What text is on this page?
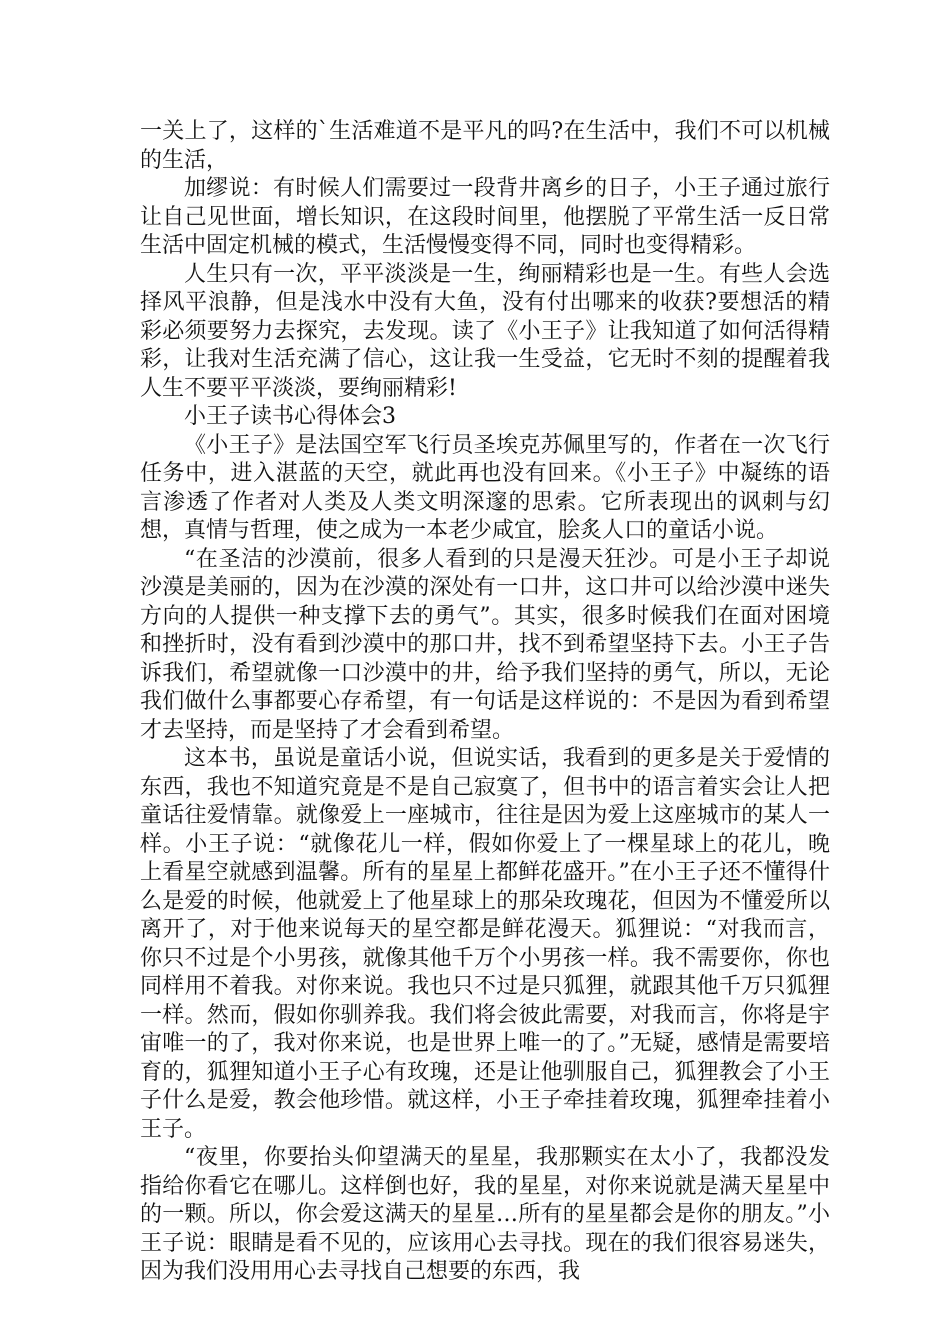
一关上了，这样的`生活难道不是平凡的吗?在生活中，我们不可以机械的生活，

加缪说：有时候人们需要过一段背井离乡的日子，小王子通过旅行让自己见世面，增长知识，在这段时间里，他摆脱了平常生活一反日常生活中固定机械的模式，生活慢慢变得不同，同时也变得精彩。

人生只有一次，平平淡淡是一生，绚丽精彩也是一生。有些人会选择风平浪静，但是浅水中没有大鱼，没有付出哪来的收获?要想活的精彩必须要努力去探究，去发现。读了《小王子》让我知道了如何活得精彩，让我对生活充满了信心，这让我一生受益，它无时不刻的提醒着我人生不要平平淡淡，要绚丽精彩!

小王子读书心得体会3

《小王子》是法国空军飞行员圣埃克苏佩里写的，作者在一次飞行任务中，进入湛蓝的天空，就此再也没有回来。《小王子》中凝练的语言渗透了作者对人类及人类文明深邃的思索。它所表现出的讽刺与幻想，真情与哲理，使之成为一本老少咸宜，脍炙人口的童话小说。

“在圣洁的沙漠前，很多人看到的只是漫天狂沙。可是小王子却说沙漠是美丽的，因为在沙漠的深处有一口井，这口井可以给沙漠中迷失方向的人提供一种支撑下去的勇气”。其实，很多时候我们在面对困境和挫折时，没有看到沙漠中的那口井，找不到希望坚持下去。小王子告诉我们，希望就像一口沙漠中的井，给予我们坚持的勇气，所以，无论我们做什么事都要心存希望，有一句话是这样说的：不是因为看到希望才去坚持，而是坚持了才会看到希望。

这本书，虽说是童话小说，但说实话，我看到的更多是关于爱情的东西，我也不知道究竟是不是自己寂寞了，但书中的语言着实会让人把童话往爱情靠。就像爱上一座城市，往往是因为爱上这座城市的某人一样。小王子说：“就像花儿一样，假如你爱上了一棵星球上的花儿，晚上看星空就感到温馨。所有的星星上都鲜花盛开。”在小王子还不懂得什么是爱的时候，他就爱上了他星球上的那朵玫瑰花，但因为不懂爱所以离开了，对于他来说每天的星空都是鲜花漫天。狐狸说：“对我而言，你只不过是个小男孩，就像其他千万个小男孩一样。我不需要你，你也同样用不着我。对你来说。我也只不过是只狐狸，就跟其他千万只狐狸一样。然而，假如你驯养我。我们将会彼此需要，对我而言，你将是宇宙唯一的了，我对你来说，也是世界上唯一的了。”无疑，感情是需要培育的，狐狸知道小王子心有玫瑰，还是让他驯服自己，狐狸教会了小王子什么是爱，教会他珍惜。就这样，小王子牵挂着玫瑰，狐狸牵挂着小王子。

“夜里，你要抬头仰望满天的星星，我那颗实在太小了，我都没发指给你看它在哪儿。这样倒也好，我的星星，对你来说就是满天星星中的一颗。所以，你会爱这满天的星星…所有的星星都会是你的朋友。”小王子说：眼睛是看不见的，应该用心去寻找。现在的我们很容易迷失，因为我们没用用心去寻找自己想要的东西，我
